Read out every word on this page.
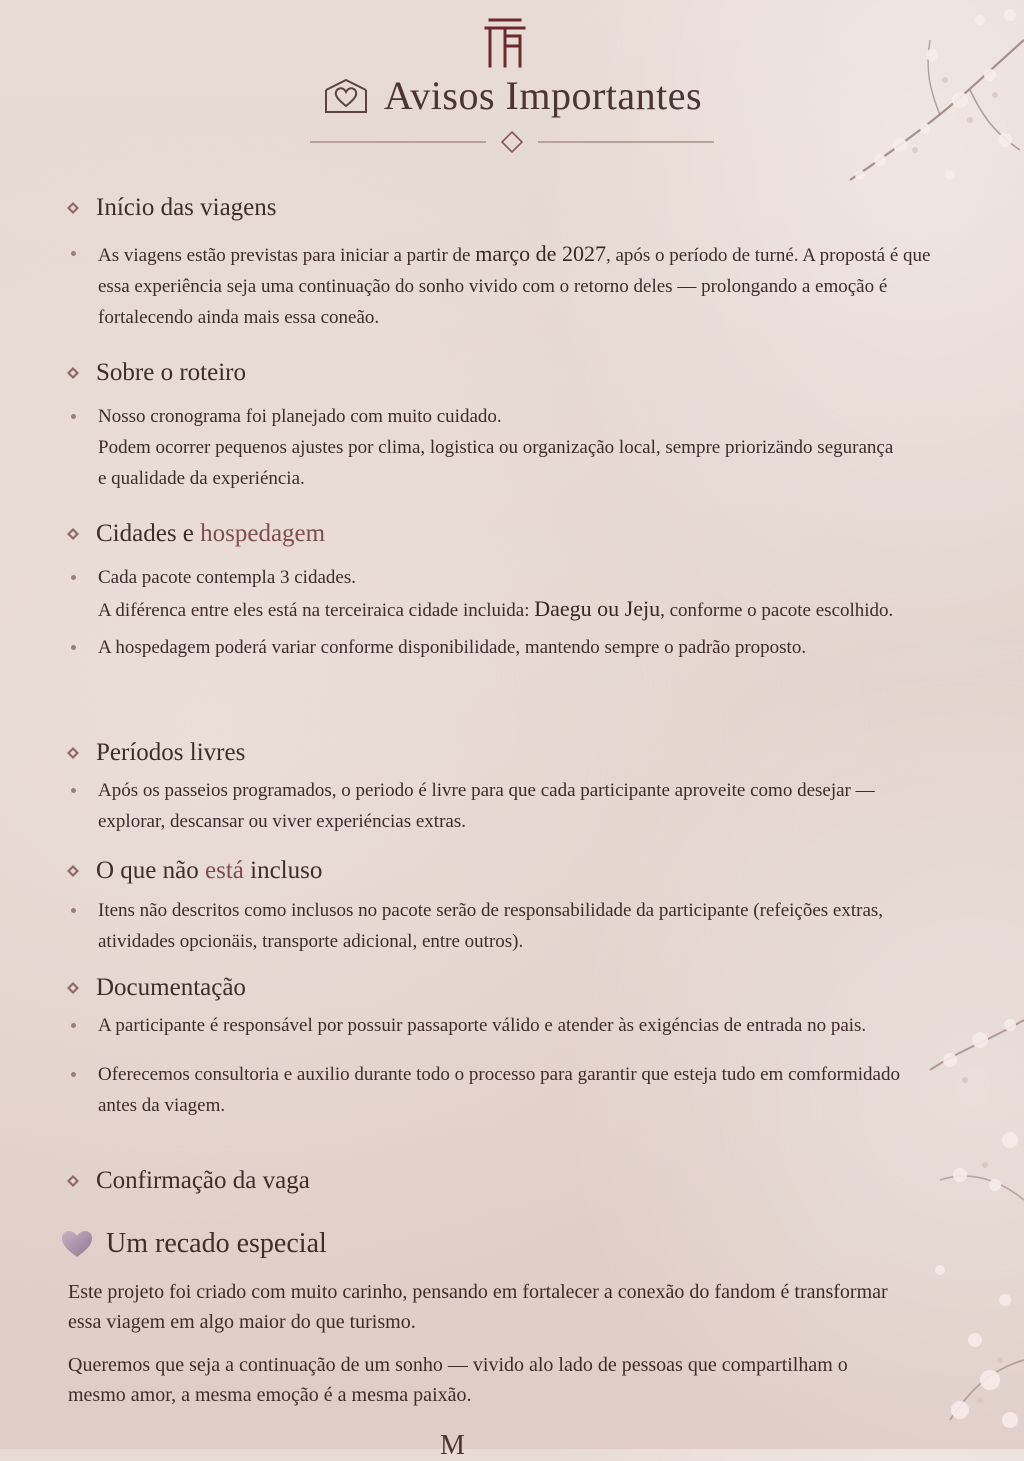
Avisos Importantes
Início das viagens
As viagens estão previstas para iniciar a partir de março de 2027, após o período de turné. A propostá é que essa experiência seja uma continuação do sonho vivido com o retorno deles — prolongando a emoção é fortalecendo ainda mais essa coneão.
Sobre o roteiro
Nosso cronograma foi planejado com muito cuidado.
Podem ocorrer pequenos ajustes por clima, logistica ou organização local, sempre priorizändo segurança e qualidade da experiéncia.
Cidades e hospedagem
Cada pacote contempla 3 cidades.
A diférenca entre eles está na terceiraica cidade incluida: Daegu ou Jeju, conforme o pacote escolhido.
A hospedagem poderá variar conforme disponibilidade, mantendo sempre o padrão proposto.
Períodos livres
Após os passeios programados, o periodo é livre para que cada participante aproveite como desejar — explorar, descansar ou viver experiéncias extras.
O que não está incluso
Itens não descritos como inclusos no pacote serão de responsabilidade da participante (refeições extras, atividades opcionäis, transporte adicional, entre outros).
Documentação
A participante é responsável por possuir passaporte válido e atender às exigéncias de entrada no pais.
Oferecemos consultoria e auxilio durante todo o processo para garantir que esteja tudo em comformidado antes da viagem.
Confirmação da vaga
Um recado especial
Este projeto foi criado com muito carinho, pensando em fortalecer a conexão do fandom é transformar essa viagem em algo maior do que turismo.
Queremos que seja a continuação de um sonho — vivido alo lado de pessoas que compartilham o mesmo amor, a mesma emoção é a mesma paixão.
M
